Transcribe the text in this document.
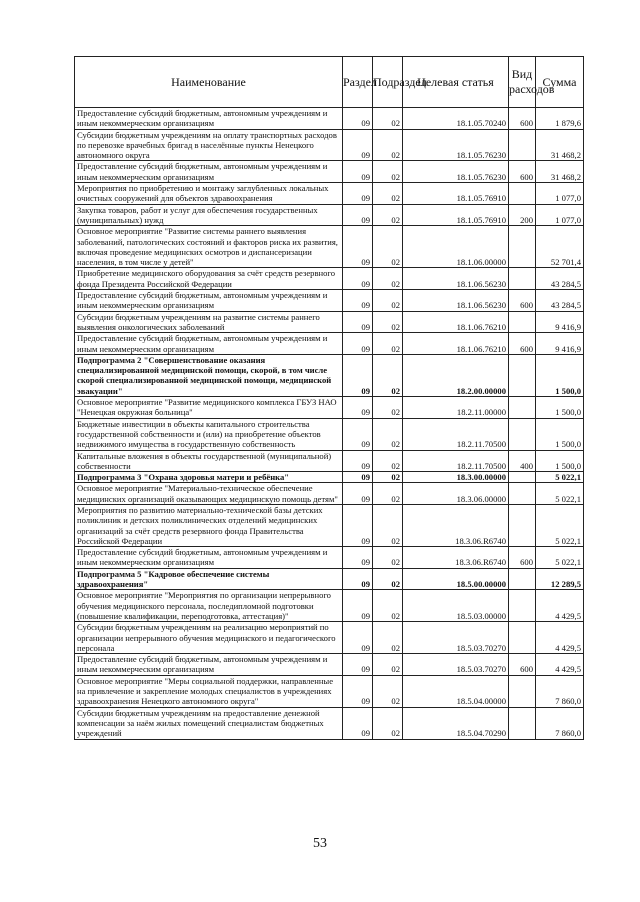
Наименование	Раздел	Подраздел	Целевая статья	Вид расходов	Сумма
Предоставление субсидий бюджетным, автономным учреждениям и иным некоммерческим организациям	09	02	18.1.05.70240	600	1 879,6
Субсидии бюджетным учреждениям на оплату транспортных расходов по перевозке врачебных бригад в населённые пункты Ненецкого автономного округа	09	02	18.1.05.76230		31 468,2
Предоставление субсидий бюджетным, автономным учреждениям и иным некоммерческим организациям	09	02	18.1.05.76230	600	31 468,2
Мероприятия по приобретению и монтажу заглубленных локальных очистных сооружений для объектов здравоохранения	09	02	18.1.05.76910		1 077,0
Закупка товаров, работ и услуг для обеспечения государственных (муниципальных) нужд	09	02	18.1.05.76910	200	1 077,0
Основное мероприятие "Развитие системы раннего выявления заболеваний, патологических состояний и факторов риска их развития, включая проведение медицинских осмотров и диспансеризации населения, в том числе у детей"	09	02	18.1.06.00000		52 701,4
Приобретение медицинского оборудования за счёт средств резервного фонда Президента Российской Федерации	09	02	18.1.06.56230		43 284,5
Предоставление субсидий бюджетным, автономным учреждениям и иным некоммерческим организациям	09	02	18.1.06.56230	600	43 284,5
Субсидии бюджетным учреждениям на развитие системы раннего выявления онкологических заболеваний	09	02	18.1.06.76210		9 416,9
Предоставление субсидий бюджетным, автономным учреждениям и иным некоммерческим организациям	09	02	18.1.06.76210	600	9 416,9
Подпрограмма 2 "Совершенствование оказания специализированной медицинской помощи, скорой, в том числе скорой специализированной медицинской помощи, медицинской эвакуации"	09	02	18.2.00.00000		1 500,0
Основное мероприятие "Развитие медицинского комплекса ГБУЗ НАО "Ненецкая окружная больница"	09	02	18.2.11.00000		1 500,0
Бюджетные инвестиции в объекты капитального строительства государственной собственности и (или) на приобретение объектов недвижимого имущества в государственную собственность	09	02	18.2.11.70500		1 500,0
Капитальные вложения в объекты государственной (муниципальной) собственности	09	02	18.2.11.70500	400	1 500,0
Подпрограмма 3 "Охрана здоровья матери и ребёнка"	09	02	18.3.00.00000		5 022,1
Основное мероприятие "Материально-техническое обеспечение медицинских организаций оказывающих медицинскую помощь детям"	09	02	18.3.06.00000		5 022,1
Мероприятия по развитию материально-технической базы детских поликлиник и детских поликлинических отделений медицинских организаций за счёт средств резервного фонда Правительства Российской Федерации	09	02	18.3.06.R6740		5 022,1
Предоставление субсидий бюджетным, автономным учреждениям и иным некоммерческим организациям	09	02	18.3.06.R6740	600	5 022,1
Подпрограмма 5 "Кадровое обеспечение системы здравоохранения"	09	02	18.5.00.00000		12 289,5
Основное мероприятие "Мероприятия по организации непрерывного обучения медицинского персонала, последипломной подготовки (повышение квалификации, переподготовка, аттестация)"	09	02	18.5.03.00000		4 429,5
Субсидии бюджетным учреждениям на реализацию мероприятий по организации непрерывного обучения медицинского и педагогического персонала	09	02	18.5.03.70270		4 429,5
Предоставление субсидий бюджетным, автономным учреждениям и иным некоммерческим организациям	09	02	18.5.03.70270	600	4 429,5
Основное мероприятие "Меры социальной поддержки, направленные на привлечение и закрепление молодых специалистов в учреждениях здравоохранения Ненецкого автономного округа"	09	02	18.5.04.00000		7 860,0
Субсидии бюджетным учреждениям на предоставление денежной компенсации за наём жилых помещений специалистам бюджетных учреждений	09	02	18.5.04.70290		7 860,0
53
